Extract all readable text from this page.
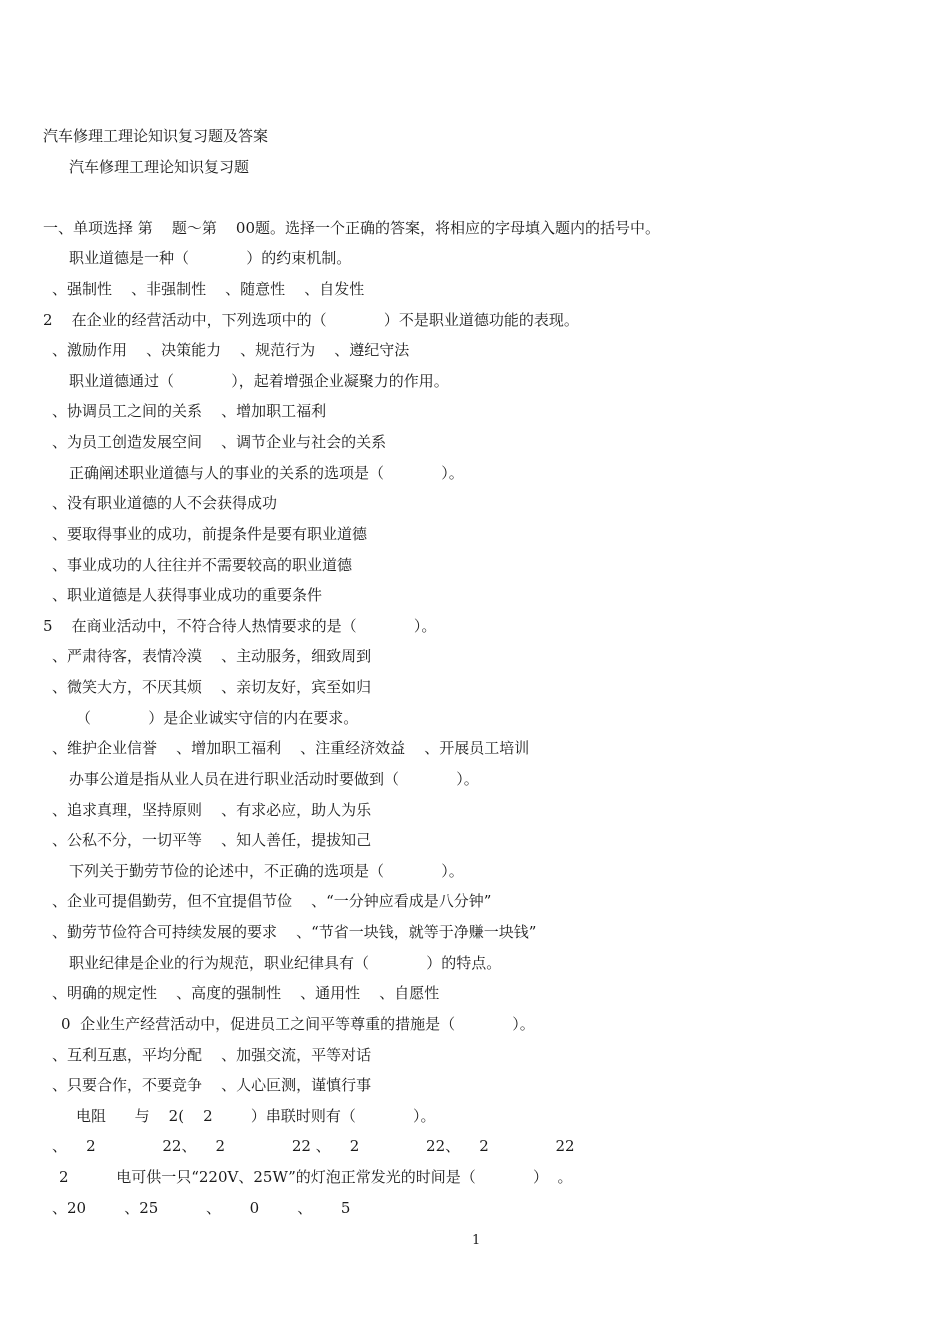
汽车修理工理论知识复习题及答案
汽车修理工理论知识复习题
一、单项选择 第    题～第    00题。选择一个正确的答案，将相应的字母填入题内的括号中。
职业道德是一种（            ）的约束机制。
、强制性    、非强制性    、随意性    、自发性
2    在企业的经营活动中，下列选项中的（            ）不是职业道德功能的表现。
、激励作用    、决策能力    、规范行为    、遵纪守法
职业道德通过（            ），起着增强企业凝聚力的作用。
、协调员工之间的关系    、增加职工福利
、为员工创造发展空间    、调节企业与社会的关系
正确阐述职业道德与人的事业的关系的选项是（            ）。
、没有职业道德的人不会获得成功
、要取得事业的成功，前提条件是要有职业道德
、事业成功的人往往并不需要较高的职业道德
、职业道德是人获得事业成功的重要条件
5    在商业活动中，不符合待人热情要求的是（            ）。
、严肃待客，表情冷漠    、主动服务，细致周到
、微笑大方，不厌其烦    、亲切友好，宾至如归
（            ）是企业诚实守信的内在要求。
、维护企业信誉    、增加职工福利    、注重经济效益    、开展员工培训
办事公道是指从业人员在进行职业活动时要做到（            ）。
、追求真理，坚持原则    、有求必应，助人为乐
、公私不分，一切平等    、知人善任，提拔知己
下列关于勤劳节俭的论述中，不正确的选项是（            ）。
、企业可提倡勤劳，但不宜提倡节俭    、“一分钟应看成是八分钟”
、勤劳节俭符合可持续发展的要求    、“节省一块钱，就等于净赚一块钱”
职业纪律是企业的行为规范，职业纪律具有（            ）的特点。
、明确的规定性    、高度的强制性    、通用性    、自愿性
0  企业生产经营活动中，促进员工之间平等尊重的措施是（            ）。
、互利互惠，平均分配    、加强交流，平等对话
、只要合作，不要竞争    、人心叵测，谨慎行事
电阻      与    2(    2        ）串联时则有（            ）。
、    2              22、    2              22 、    2              22、    2              22
2          电可供一只“220V、25W”的灯泡正常发光的时间是（            ）  。
、20        、25          、      0        、      5
1
